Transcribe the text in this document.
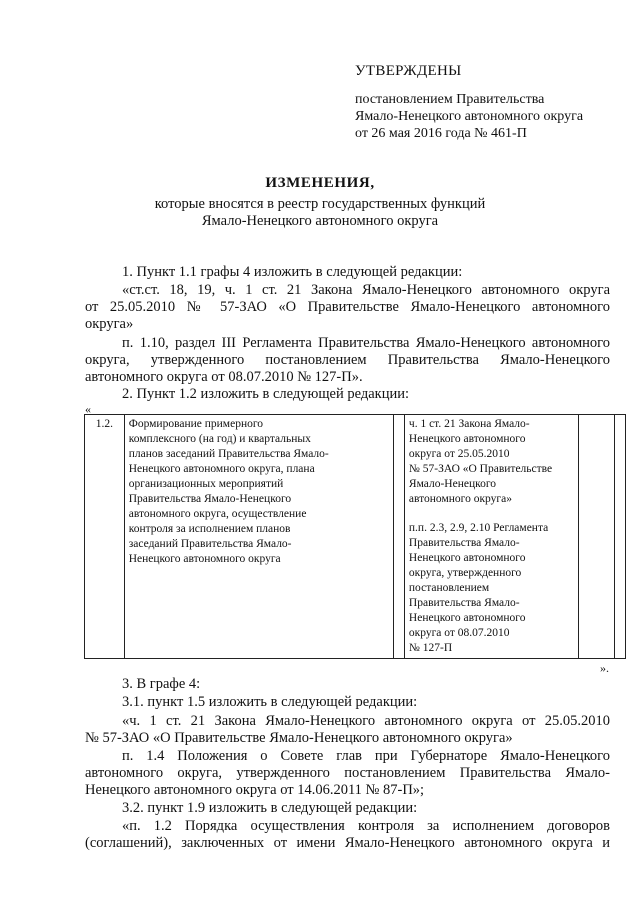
УТВЕРЖДЕНЫ
постановлением Правительства
Ямало-Ненецкого автономного округа
от 26 мая 2016 года № 461-П
ИЗМЕНЕНИЯ,
которые вносятся в реестр государственных функций
Ямало-Ненецкого автономного округа
1. Пункт 1.1 графы 4 изложить в следующей редакции:
«ст.ст. 18, 19, ч. 1 ст. 21 Закона Ямало-Ненецкого автономного округа
от 25.05.2010 № 57-ЗАО «О Правительстве Ямало-Ненецкого автономного
округа»
п. 1.10, раздел III Регламента Правительства Ямало-Ненецкого автономного
округа, утвержденного постановлением Правительства Ямало-Ненецкого
автономного округа от 08.07.2010 № 127-П».
2. Пункт 1.2 изложить в следующей редакции:
«
1.2.	Формирование примерного
комплексного (на год) и квартальных
планов заседаний Правительства Ямало-
Ненецкого автономного округа, плана
организационных мероприятий
Правительства Ямало-Ненецкого
автономного округа, осуществление
контроля за исполнением планов
заседаний Правительства Ямало-
Ненецкого автономного округа

ч. 1 ст. 21 Закона Ямало-
Ненецкого автономного
округа от 25.05.2010
№ 57-ЗАО «О Правительстве
Ямало-Ненецкого
автономного округа»
п.п. 2.3, 2.9, 2.10 Регламента
Правительства Ямало-
Ненецкого автономного
округа, утвержденного
постановлением
Правительства Ямало-
Ненецкого автономного
округа от 08.07.2010
№ 127-П

».
3. В графе 4:
3.1. пункт 1.5 изложить в следующей редакции:
«ч. 1 ст. 21 Закона Ямало-Ненецкого автономного округа от 25.05.2010
№ 57-ЗАО «О Правительстве Ямало-Ненецкого автономного округа»
п. 1.4 Положения о Совете глав при Губернаторе Ямало-Ненецкого
автономного округа, утвержденного постановлением Правительства Ямало-
Ненецкого автономного округа от 14.06.2011 № 87-П»;
3.2. пункт 1.9 изложить в следующей редакции:
«п. 1.2 Порядка осуществления контроля за исполнением договоров
(соглашений), заключенных от имени Ямало-Ненецкого автономного округа и
